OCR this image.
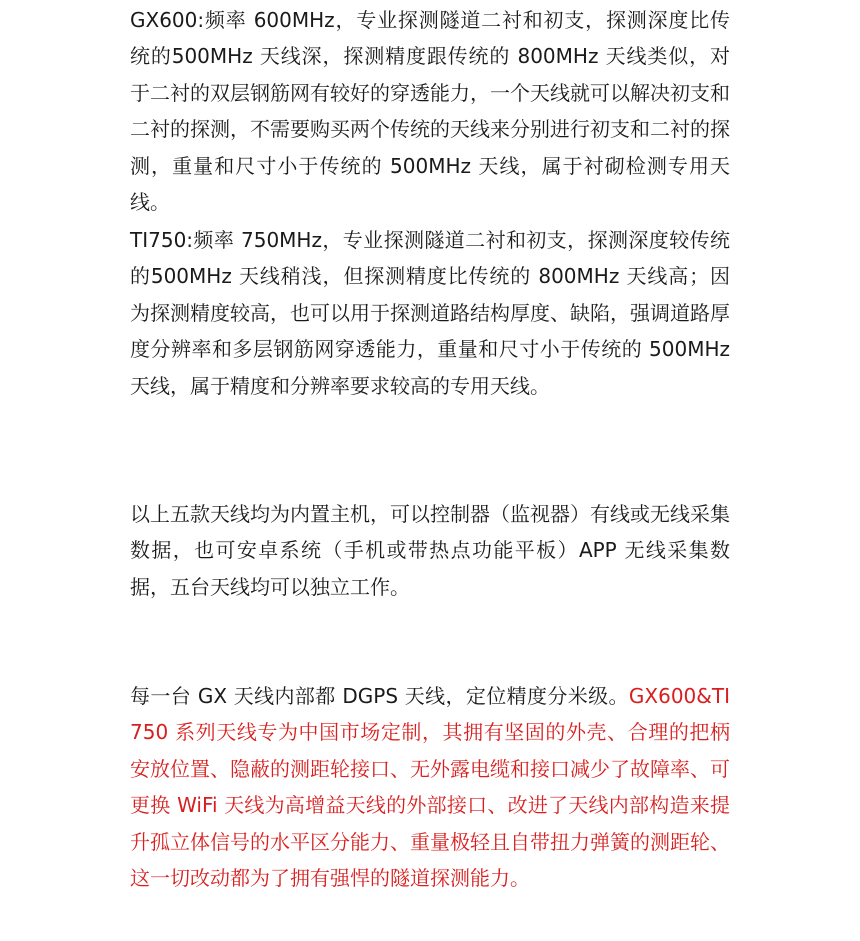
GX600:频率 600MHz，专业探测隧道二衬和初支，探测深度比传统的500MHz 天线深，探测精度跟传统的 800MHz 天线类似，对于二衬的双层钢筋网有较好的穿透能力，一个天线就可以解决初支和二衬的探测，不需要购买两个传统的天线来分别进行初支和二衬的探测，重量和尺寸小于传统的 500MHz 天线，属于衬砌检测专用天线。

TI750:频率 750MHz，专业探测隧道二衬和初支，探测深度较传统的500MHz 天线稍浅，但探测精度比传统的 800MHz 天线高；因为探测精度较高，也可以用于探测道路结构厚度、缺陷，强调道路厚度分辨率和多层钢筋网穿透能力，重量和尺寸小于传统的 500MHz 天线，属于精度和分辨率要求较高的专用天线。

以上五款天线均为内置主机，可以控制器（监视器）有线或无线采集数据，也可安卓系统（手机或带热点功能平板）APP 无线采集数据，五台天线均可以独立工作。

每一台 GX 天线内部都 DGPS 天线，定位精度分米级。GX600&TI750 系列天线专为中国市场定制，其拥有坚固的外壳、合理的把柄安放位置、隐蔽的测距轮接口、无外露电缆和接口减少了故障率、可更换 WiFi 天线为高增益天线的外部接口、改进了天线内部构造来提升孤立体信号的水平区分能力、重量极轻且自带扭力弹簧的测距轮、这一切改动都为了拥有强悍的隧道探测能力。
